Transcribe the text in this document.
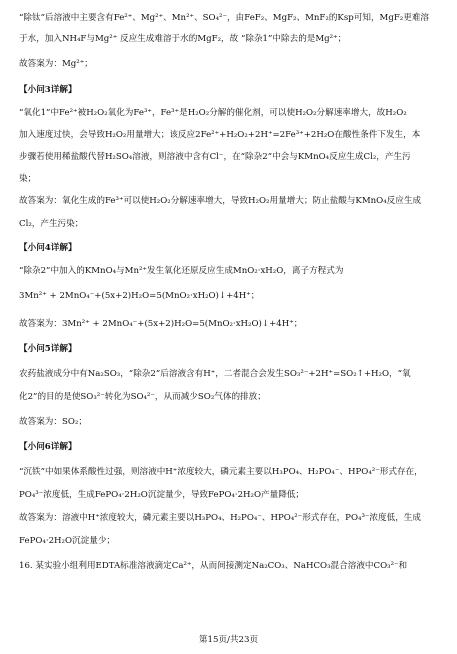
“除钛”后溶液中主要含有Fe²⁺、Mg²⁺、Mn²⁺、SO₄²⁻，由FeF₂、MgF₂、MnF₂的Ksp可知，MgF₂更难溶

于水，加入NH₄F与Mg²⁺ 反应生成难溶于水的MgF₂，故 “除杂1”中除去的是Mg²⁺；

故答案为：Mg²⁺；

【小问3详解】

“氧化1”中Fe²⁺被H₂O₂氧化为Fe³⁺，Fe³⁺是H₂O₂分解的催化剂，可以使H₂O₂分解速率增大，故H₂O₂

加入速度过快，会导致H₂O₂用量增大；该反应2Fe²⁺+H₂O₂+2H⁺=2Fe³⁺+2H₂O在酸性条件下发生，本

步骤若使用稀盐酸代替H₂SO₄溶液，则溶液中含有Cl⁻，在“除杂2”中会与KMnO₄反应生成Cl₂，产生污

染；

故答案为：氧化生成的Fe³⁺可以使H₂O₂分解速率增大，导致H₂O₂用量增大；防止盐酸与KMnO₄反应生成

Cl₂，产生污染；

【小问4详解】

“除杂2”中加入的KMnO₄与Mn²⁺发生氧化还原反应生成MnO₂·xH₂O，离子方程式为

3Mn²⁺ + 2MnO₄⁻+(5x+2)H₂O=5(MnO₂·xH₂O)↓+4H⁺；

故答案为：3Mn²⁺ + 2MnO₄⁻+(5x+2)H₂O=5(MnO₂·xH₂O)↓+4H⁺；

【小问5详解】

农药盐液成分中有Na₂SO₃，“除杂2”后溶液含有H⁺，二者混合会发生SO₃²⁻+2H⁺=SO₂↑+H₂O，“氧

化2”的目的是使SO₃²⁻转化为SO₄²⁻，从而减少SO₂气体的排放；

故答案为：SO₂；

【小问6详解】

“沉铁”中如果体系酸性过强，则溶液中H⁺浓度较大，磷元素主要以H₃PO₄、H₂PO₄⁻、HPO₄²⁻形式存在，

PO₄³⁻浓度低，生成FePO₄·2H₂O沉淀量少，导致FePO₄·2H₂O产量降低；

故答案为：溶液中H⁺浓度较大，磷元素主要以H₃PO₄、H₂PO₄⁻、HPO₄²⁻形式存在，PO₄³⁻浓度低，生成

FePO₄·2H₂O沉淀量少；

16. 某实验小组利用EDTA标准溶液滴定Ca²⁺，从而间接测定Na₂CO₃、NaHCO₃混合溶液中CO₃²⁻和

第15页/共23页
